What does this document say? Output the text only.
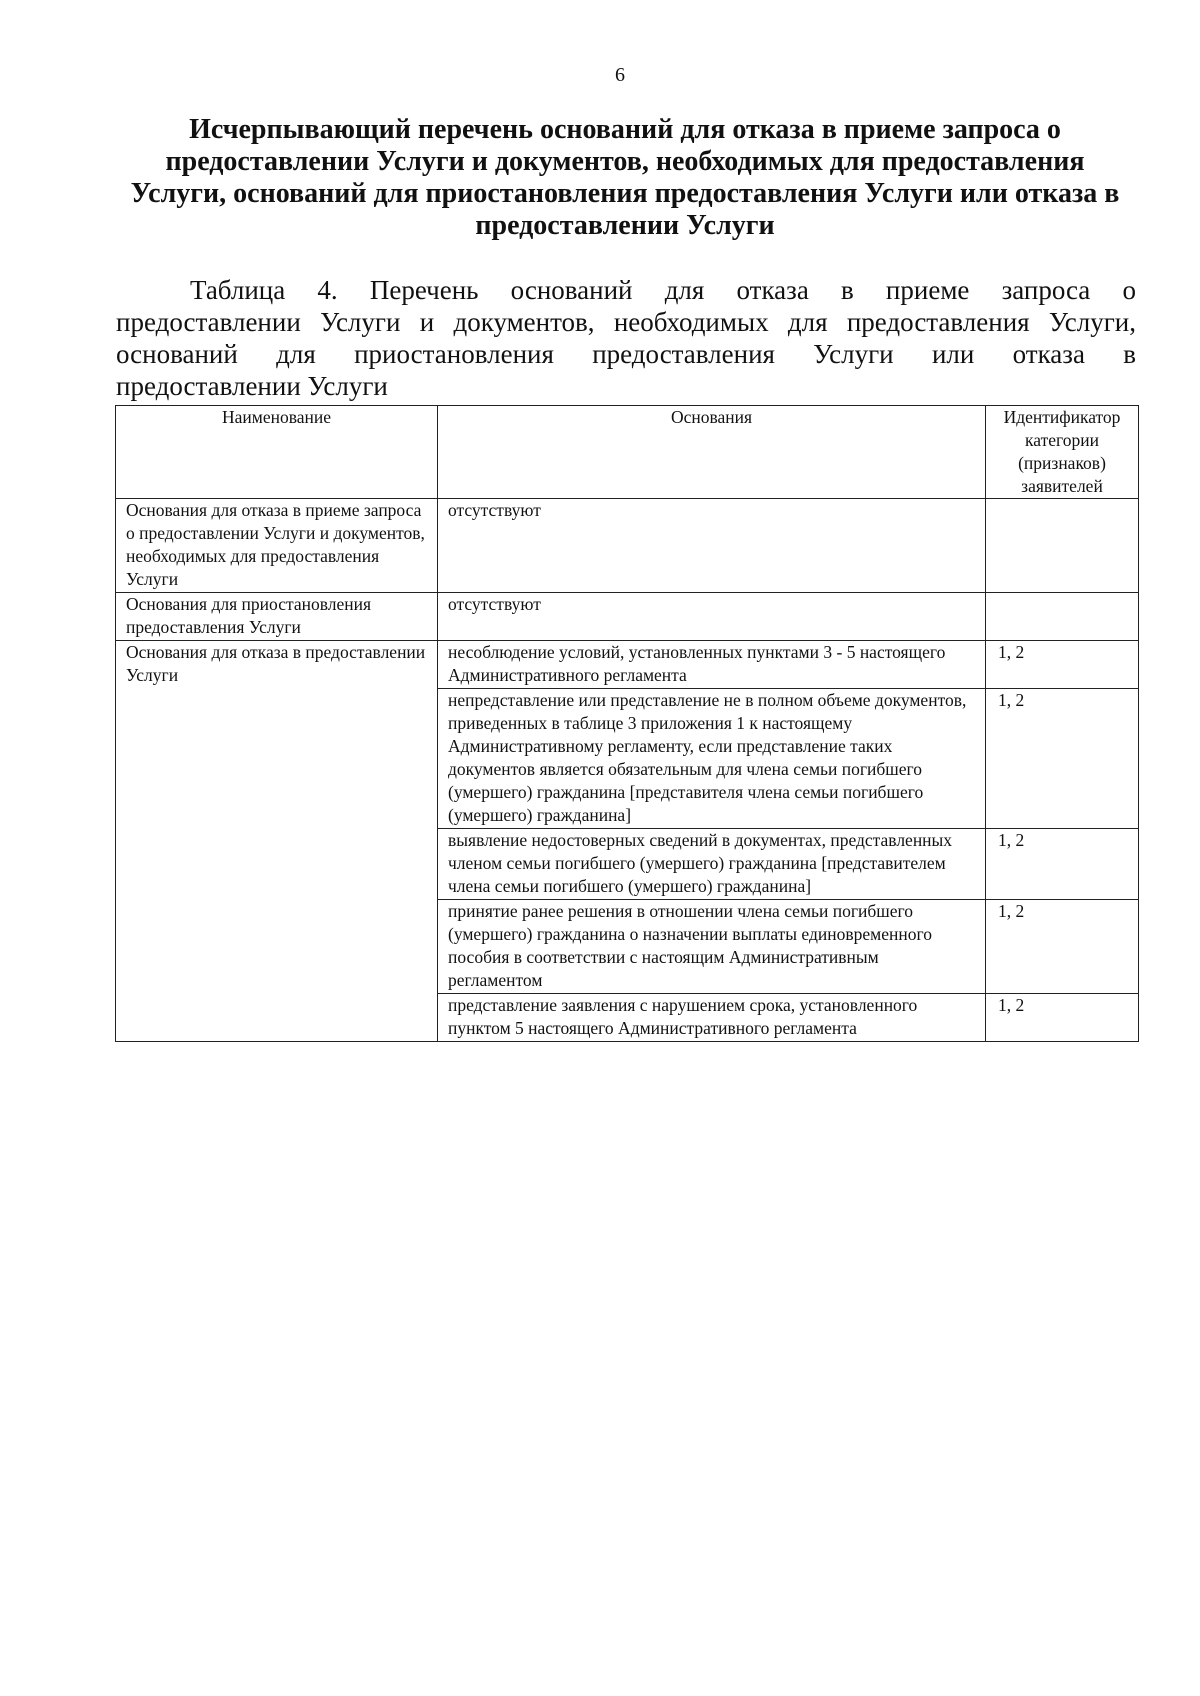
6
Исчерпывающий перечень оснований для отказа в приеме запроса о
предоставлении Услуги и документов, необходимых для предоставления
Услуги, оснований для приостановления предоставления Услуги или отказа в
предоставлении Услуги
Таблица 4. Перечень оснований для отказа в приеме запроса о
предоставлении Услуги и документов, необходимых для предоставления Услуги,
оснований для приостановления предоставления Услуги или отказа в
предоставлении Услуги
Наименование	Основания	Идентификатор категории (признаков) заявителей
Основания для отказа в приеме запроса о предоставлении Услуги и документов, необходимых для предоставления Услуги	отсутствуют	
Основания для приостановления предоставления Услуги	отсутствуют	
Основания для отказа в предоставлении Услуги	несоблюдение условий, установленных пунктами 3 - 5 настоящего Административного регламента	1, 2
	непредставление или представление не в полном объеме документов, приведенных в таблице 3 приложения 1 к настоящему Административному регламенту, если представление таких документов является обязательным для члена семьи погибшего (умершего) гражданина [представителя члена семьи погибшего (умершего) гражданина]	1, 2
	выявление недостоверных сведений в документах, представленных членом семьи погибшего (умершего) гражданина [представителем члена семьи погибшего (умершего) гражданина]	1, 2
	принятие ранее решения в отношении члена семьи погибшего (умершего) гражданина о назначении выплаты единовременного пособия в соответствии с настоящим Административным регламентом	1, 2
	представление заявления с нарушением срока, установленного пунктом 5 настоящего Административного регламента	1, 2
